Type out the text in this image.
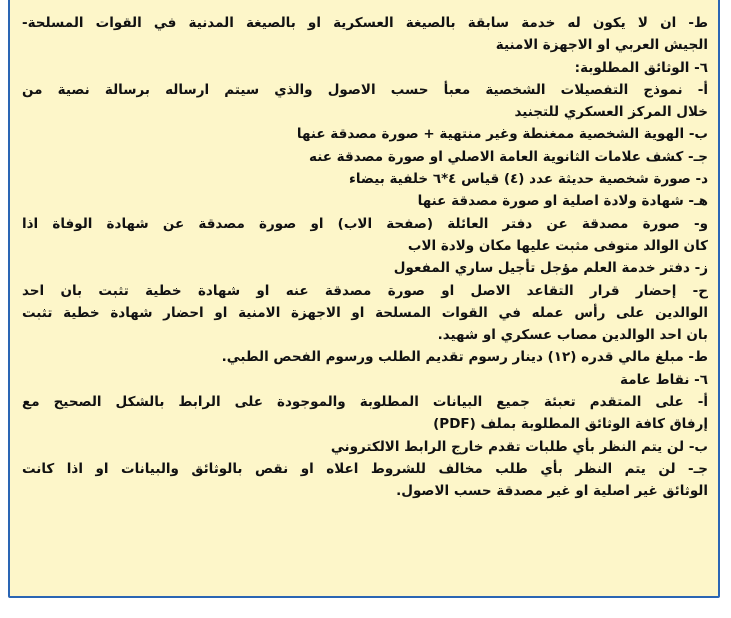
ط- ان لا يكون له خدمة سابقة بالصيغة العسكرية او بالصيغة المدنية في القوات المسلحة-
الجيش العربي او الاجهزة الامنية
٦- الوثائق المطلوبة:
أ- نموذج التفصيلات الشخصية معبأ حسب الاصول والذي سيتم ارساله برسالة نصية من
خلال المركز العسكري للتجنيد
ب- الهوية الشخصية ممغنطة وغير منتهية + صورة مصدقة عنها
جـ- كشف علامات الثانوية العامة الاصلي او صورة مصدقة عنه
د- صورة شخصية حديثة عدد (٤) قياس ٤*٦ خلفية بيضاء
هـ- شهادة ولادة اصلية او صورة مصدقة عنها
و- صورة مصدقة عن دفتر العائلة (صفحة الاب) او صورة مصدقة عن شهادة الوفاة اذا
كان الوالد متوفى مثبت عليها مكان ولادة الاب
ز- دفتر خدمة العلم مؤجل تأجيل ساري المفعول
ح- إحضار قرار التقاعد الاصل او صورة مصدقة عنه او شهادة خطية تثبت بان احد
الوالدين على رأس عمله في القوات المسلحة او الاجهزة الامنية او احضار شهادة خطية تثبت
بان احد الوالدين مصاب عسكري او شهيد.
ط- مبلغ مالي قدره (١٢) دينار رسوم تقديم الطلب ورسوم الفحص الطبي.
٦- نقاط عامة
أ- على المتقدم تعبئة جميع البيانات المطلوبة والموجودة على الرابط بالشكل الصحيح مع
إرفاق كافة الوثائق المطلوبة بملف (PDF)
ب- لن يتم النظر بأي طلبات تقدم خارج الرابط الالكتروني
جـ- لن يتم النظر بأي طلب مخالف للشروط اعلاه او نقص بالوثائق والبيانات او اذا كانت
الوثائق غير اصلية او غير مصدقة حسب الاصول.
